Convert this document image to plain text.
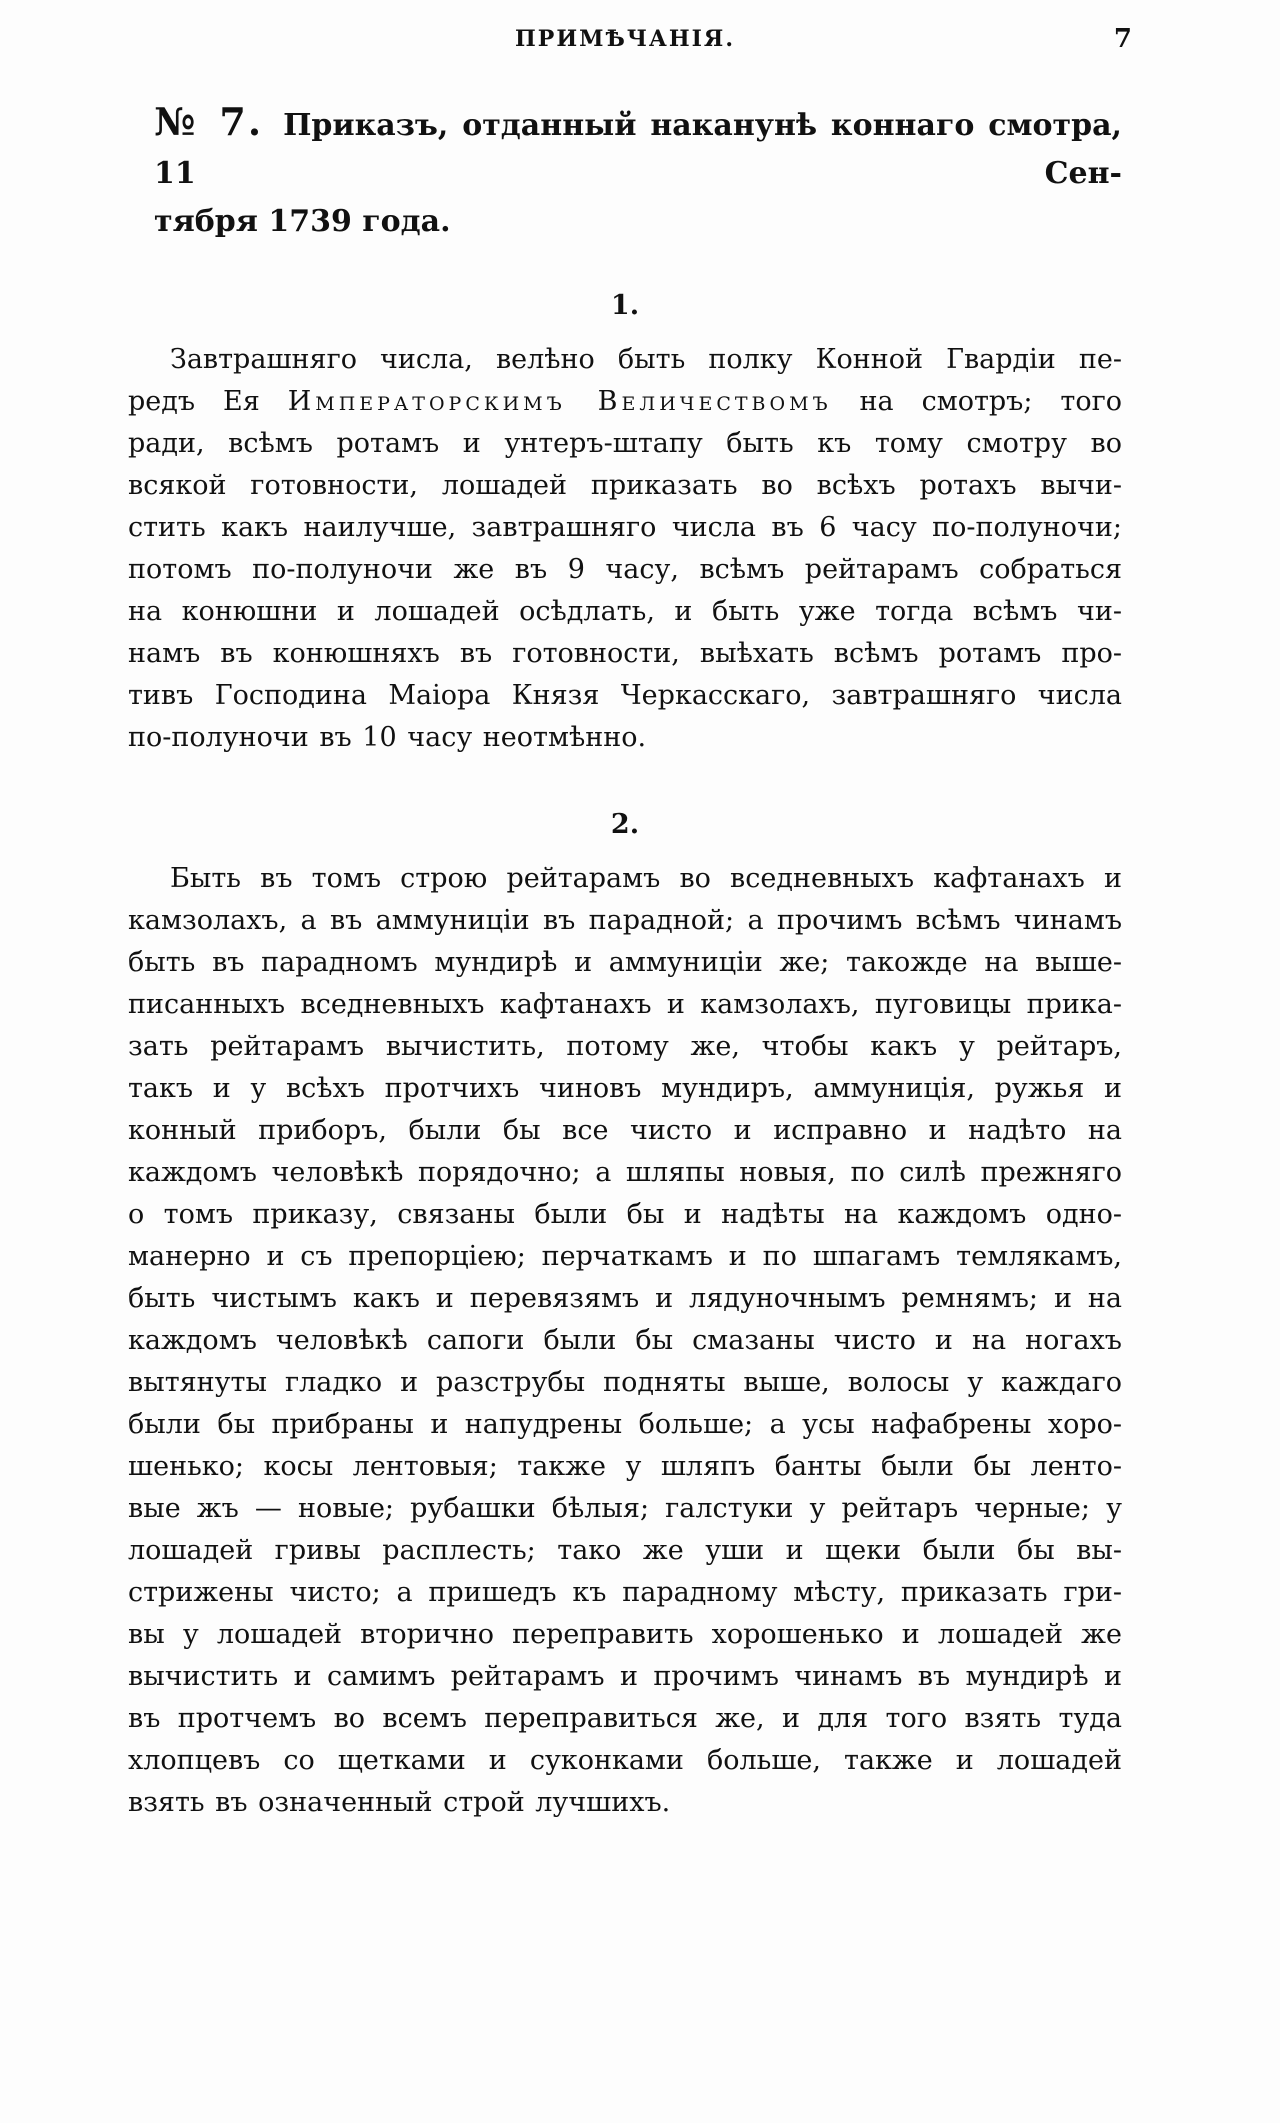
ПРИМѢЧАНІЯ.	7
№ 7. Приказъ, отданный наканунѣ коннаго смотра, 11 Сен-
тября 1739 года.
1.
Завтрашняго числа, велѣно быть полку Конной Гвардіи пе-
редъ Ея Императорскимъ Величествомъ на смотръ; того
ради, всѣмъ ротамъ и унтеръ-штапу быть къ тому смотру во
всякой готовности, лошадей приказать во всѣхъ ротахъ вычи-
стить какъ наилучше, завтрашняго числа въ 6 часу по-полуночи;
потомъ по-полуночи же въ 9 часу, всѣмъ рейтарамъ собраться
на конюшни и лошадей осѣдлать, и быть уже тогда всѣмъ чи-
намъ въ конюшняхъ въ готовности, выѣхать всѣмъ ротамъ про-
тивъ Господина Маіора Князя Черкасскаго, завтрашняго числа
по-полуночи въ 10 часу неотмѣнно.
2.
Быть въ томъ строю рейтарамъ во вседневныхъ кафтанахъ и
камзолахъ, а въ аммуниціи въ парадной; а прочимъ всѣмъ чинамъ
быть въ парадномъ мундирѣ и аммуниціи же; такожде на выше-
писанныхъ вседневныхъ кафтанахъ и камзолахъ, пуговицы прика-
зать рейтарамъ вычистить, потому же, чтобы какъ у рейтаръ,
такъ и у всѣхъ протчихъ чиновъ мундиръ, аммуниція, ружья и
конный приборъ, были бы все чисто и исправно и надѣто на
каждомъ человѣкѣ порядочно; а шляпы новыя, по силѣ прежняго
о томъ приказу, связаны были бы и надѣты на каждомъ одно-
манерно и съ препорціею; перчаткамъ и по шпагамъ темлякамъ,
быть чистымъ какъ и перевязямъ и лядуночнымъ ремнямъ; и на
каждомъ человѣкѣ сапоги были бы смазаны чисто и на ногахъ
вытянуты гладко и разструбы подняты выше, волосы у каждаго
были бы прибраны и напудрены больше; а усы нафабрены хоро-
шенько; косы лентовыя; также у шляпъ банты были бы ленто-
вые жъ — новые; рубашки бѣлыя; галстуки у рейтаръ черные; у
лошадей гривы расплесть; тако же уши и щеки были бы вы-
стрижены чисто; а пришедъ къ парадному мѣсту, приказать гри-
вы у лошадей вторично переправить хорошенько и лошадей же
вычистить и самимъ рейтарамъ и прочимъ чинамъ въ мундирѣ и
въ протчемъ во всемъ переправиться же, и для того взять туда
хлопцевъ со щетками и суконками больше, также и лошадей
взять въ означенный строй лучшихъ.
